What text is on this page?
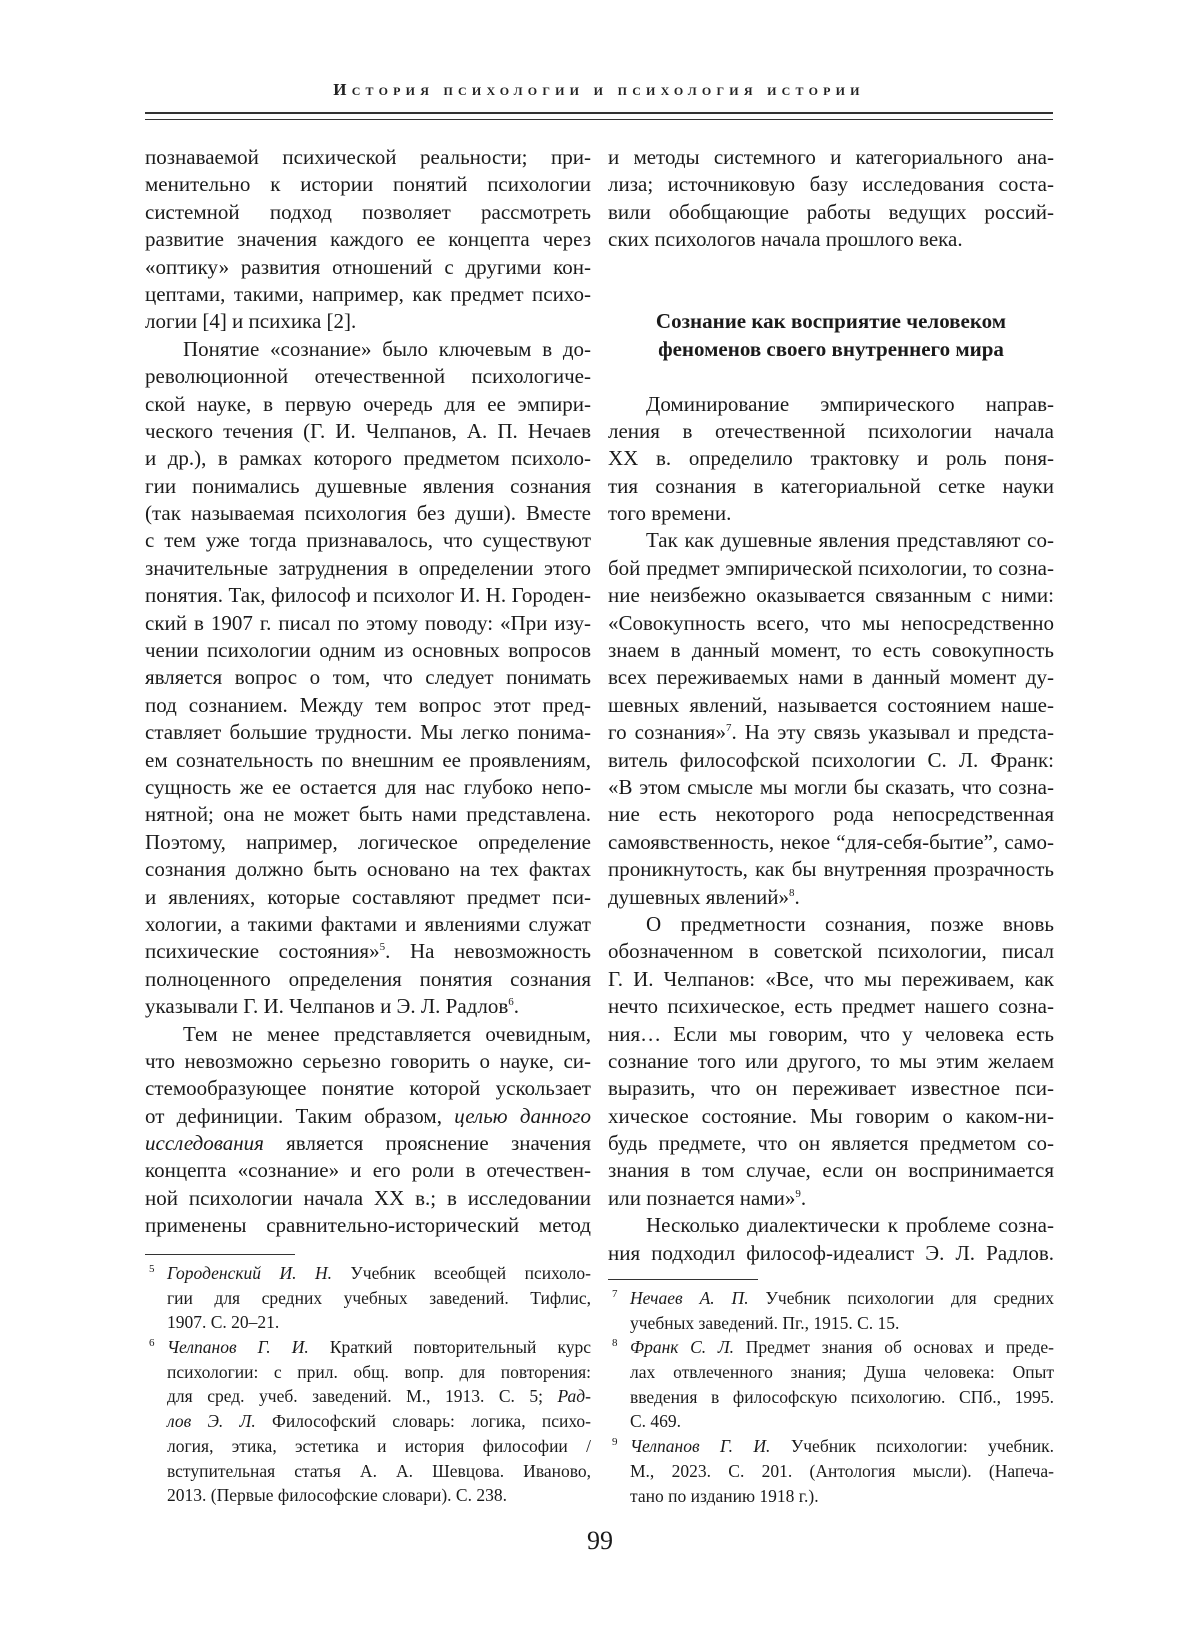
История психологии и психология истории
познаваемой психической реальности; при-
менительно к истории понятий психологии
системной подход позволяет рассмотреть
развитие значения каждого ее концепта через
«оптику» развития отношений с другими кон-
цептами, такими, например, как предмет психо-
логии [4] и психика [2].
Понятие «сознание» было ключевым в до-
революционной отечественной психологиче-
ской науке, в первую очередь для ее эмпири-
ческого течения (Г. И. Челпанов, А. П. Нечаев
и др.), в рамках которого предметом психоло-
гии понимались душевные явления сознания
(так называемая психология без души). Вместе
с тем уже тогда признавалось, что существуют
значительные затруднения в определении этого
понятия. Так, философ и психолог И. Н. Городен-
ский в 1907 г. писал по этому поводу: «При изу-
чении психологии одним из основных вопросов
является вопрос о том, что следует понимать
под сознанием. Между тем вопрос этот пред-
ставляет большие трудности. Мы легко понима-
ем сознательность по внешним ее проявлениям,
сущность же ее остается для нас глубоко непо-
нятной; она не может быть нами представлена.
Поэтому, например, логическое определение
сознания должно быть основано на тех фактах
и явлениях, которые составляют предмет пси-
хологии, а такими фактами и явлениями служат
психические состояния»5. На невозможность
полноценного определения понятия сознания
указывали Г. И. Челпанов и Э. Л. Радлов6.
Тем не менее представляется очевидным,
что невозможно серьезно говорить о науке, си-
стемообразующее понятие которой ускользает
от дефиниции. Таким образом, целью данного
исследования является прояснение значения
концепта «сознание» и его роли в отечествен-
ной психологии начала XX в.; в исследовании
применены сравнительно-исторический метод
и методы системного и категориального ана-
лиза; источниковую базу исследования соста-
вили обобщающие работы ведущих россий-
ских психологов начала прошлого века.
Сознание как восприятие человеком
феноменов своего внутреннего мира
Доминирование эмпирического направ-
ления в отечественной психологии начала
XX в. определило трактовку и роль поня-
тия сознания в категориальной сетке науки
того времени.
Так как душевные явления представляют со-
бой предмет эмпирической психологии, то созна-
ние неизбежно оказывается связанным с ними:
«Совокупность всего, что мы непосредственно
знаем в данный момент, то есть совокупность
всех переживаемых нами в данный момент ду-
шевных явлений, называется состоянием наше-
го сознания»7. На эту связь указывал и предста-
витель философской психологии С. Л. Франк:
«В этом смысле мы могли бы сказать, что созна-
ние есть некоторого рода непосредственная
самоявственность, некое “для-себя-бытие”, само-
проникнутость, как бы внутренняя прозрачность
душевных явлений»8.
О предметности сознания, позже вновь
обозначенном в советской психологии, писал
Г. И. Челпанов: «Все, что мы переживаем, как
нечто психическое, есть предмет нашего созна-
ния… Если мы говорим, что у человека есть
сознание того или другого, то мы этим желаем
выразить, что он переживает известное пси-
хическое состояние. Мы говорим о каком-ни-
будь предмете, что он является предметом со-
знания в том случае, если он воспринимается
или познается нами»9.
Несколько диалектически к проблеме созна-
ния подходил философ-идеалист Э. Л. Радлов.
5 Городенский И. Н. Учебник всеобщей психоло-
гии для средних учебных заведений. Тифлис,
1907. С. 20–21.
6 Челпанов Г. И. Краткий повторительный курс
психологии: с прил. общ. вопр. для повторения:
для сред. учеб. заведений. М., 1913. С. 5; Рад-
лов Э. Л. Философский словарь: логика, психо-
логия, этика, эстетика и история философии /
вступительная статья А. А. Шевцова. Иваново,
2013. (Первые философские словари). С. 238.
7 Нечаев А. П. Учебник психологии для средних
учебных заведений. Пг., 1915. С. 15.
8 Франк С. Л. Предмет знания об основах и преде-
лах отвлеченного знания; Душа человека: Опыт
введения в философскую психологию. СПб., 1995.
С. 469.
9 Челпанов Г. И. Учебник психологии: учебник.
М., 2023. С. 201. (Антология мысли). (Напеча-
тано по изданию 1918 г.).
99
